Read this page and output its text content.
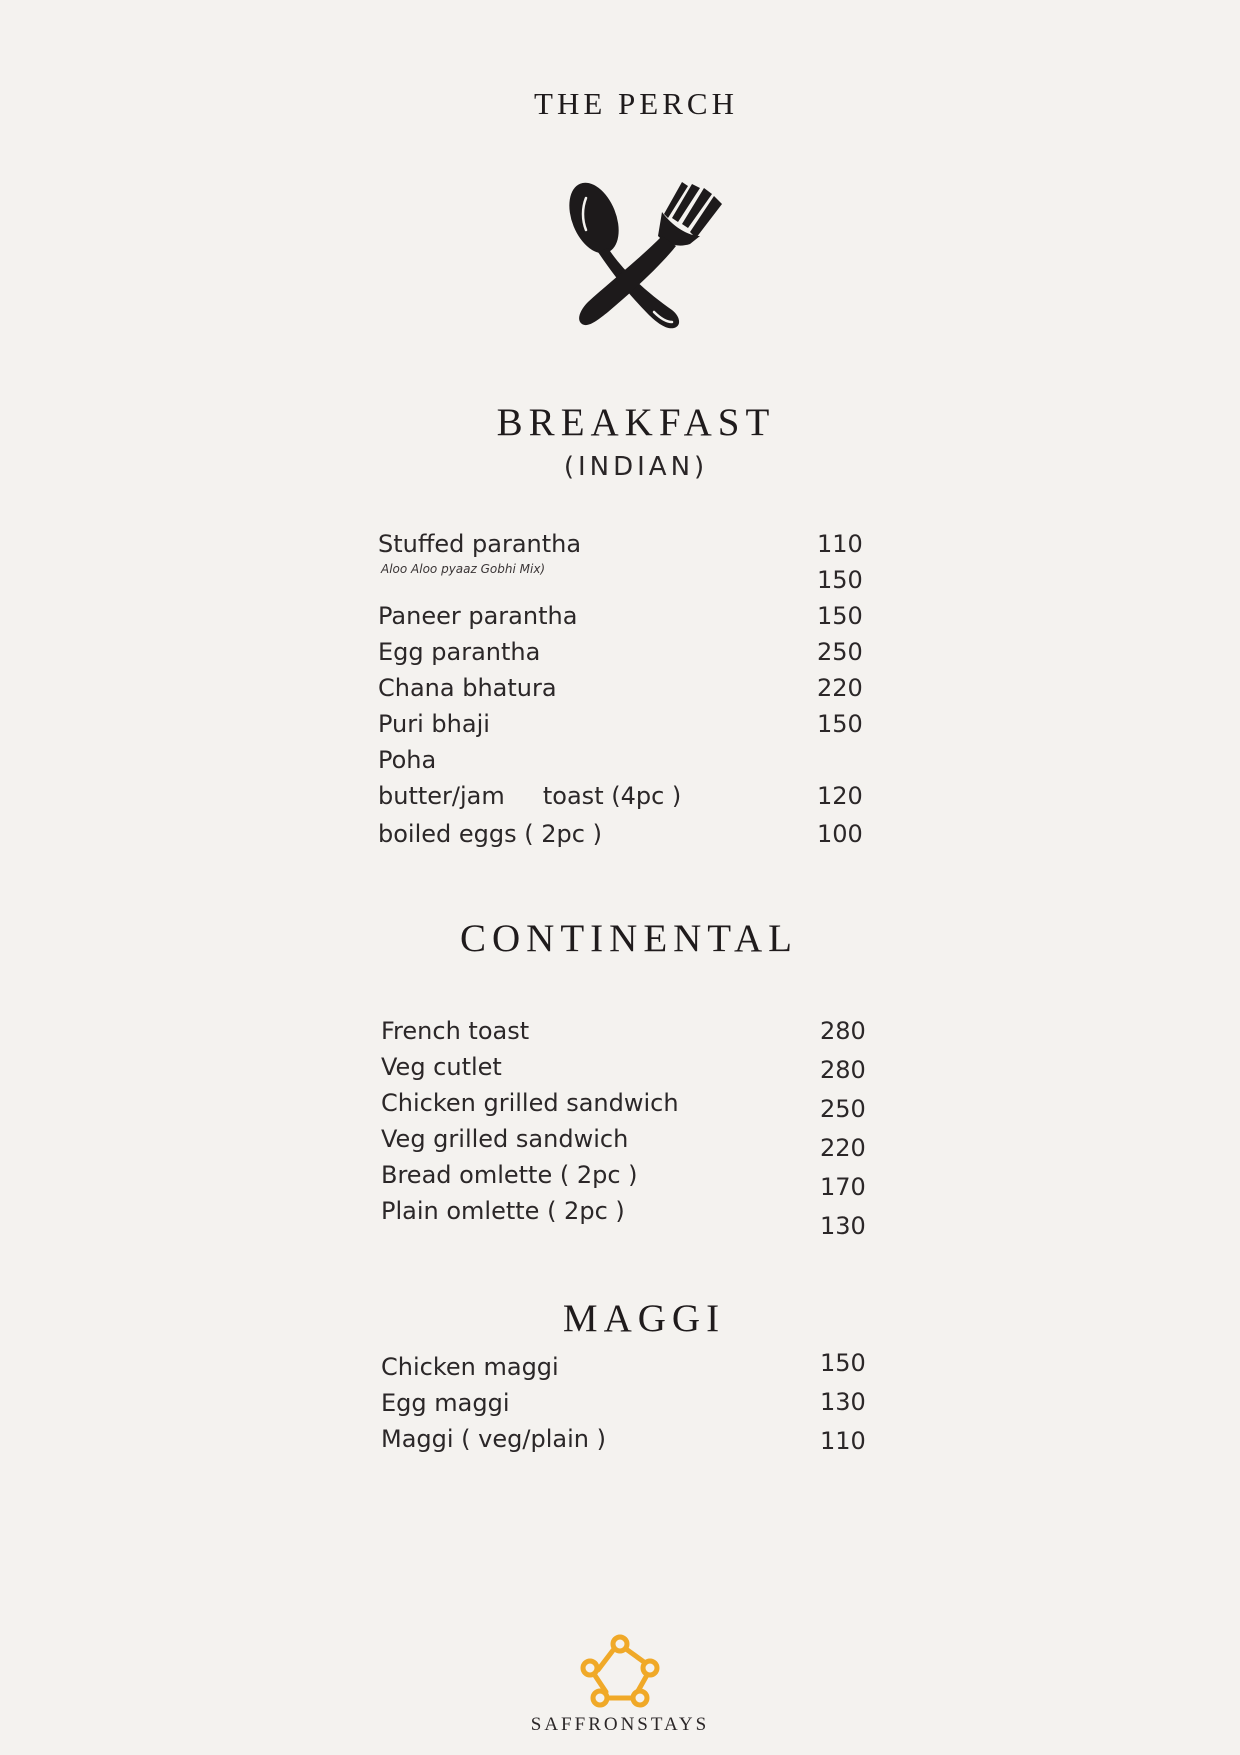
THE PERCH
BREAKFAST
(INDIAN)
Stuffed parantha
Aloo Aloo pyaaz Gobhi Mix)
Paneer parantha
Egg parantha
Chana bhatura
Puri bhaji
Poha
butter/jam     toast (4pc )
boiled eggs ( 2pc )
110
150
150
250
220
150
120
100
CONTINENTAL
French toast
Veg cutlet
Chicken grilled sandwich
Veg grilled sandwich
Bread omlette ( 2pc )
Plain omlette ( 2pc )
280
280
250
220
170
130
MAGGI
Chicken maggi
Egg maggi
Maggi ( veg/plain )
150
130
110
SAFFRONSTAYS
